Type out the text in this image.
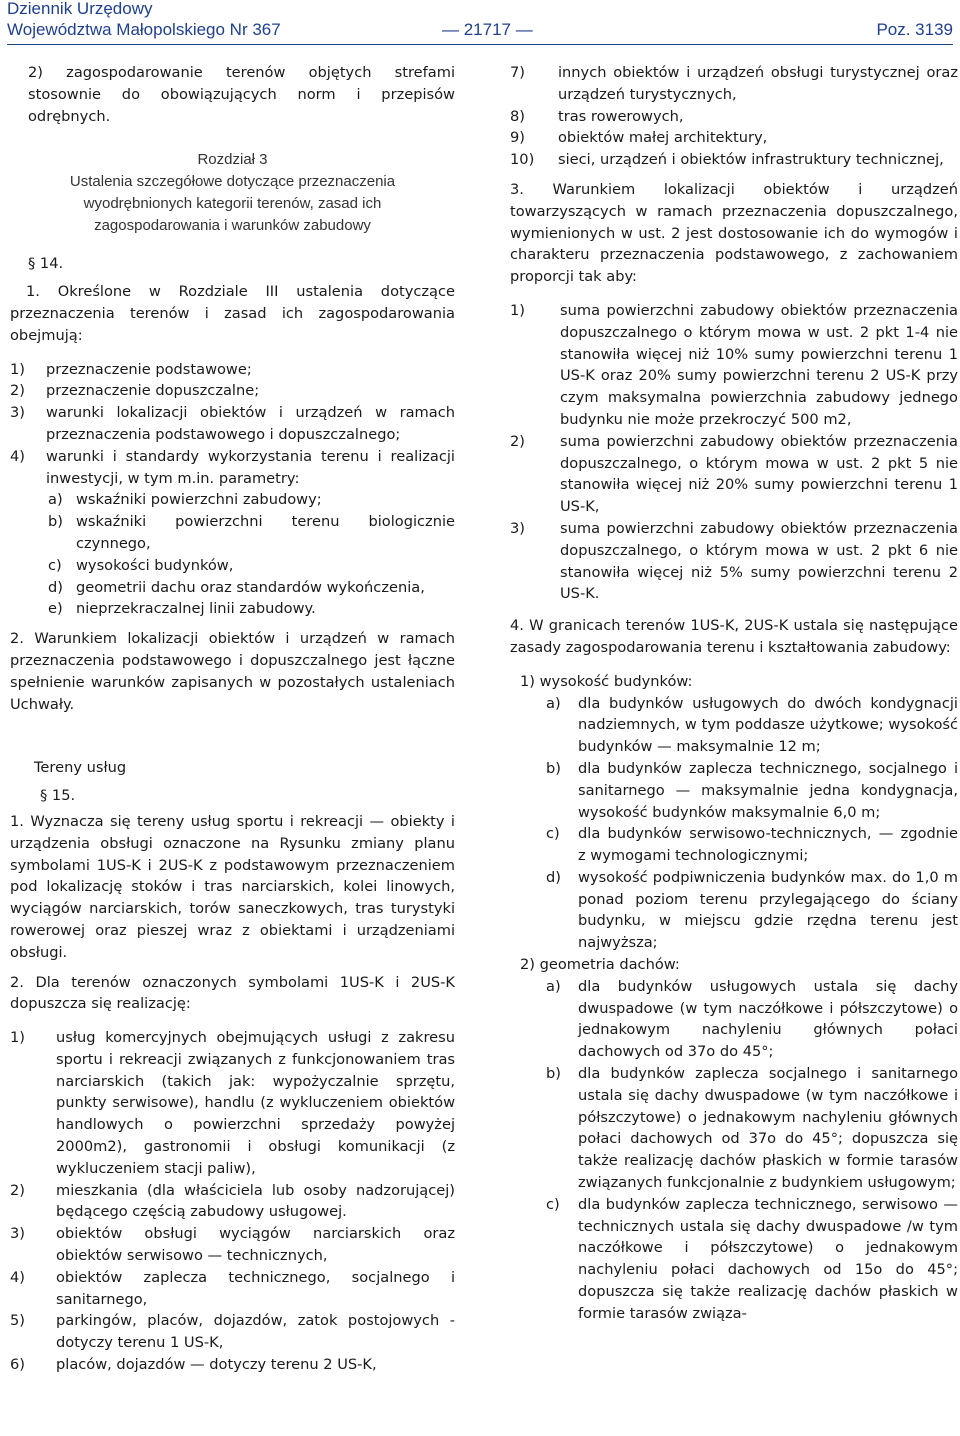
Dziennik Urzędowy
Województwa Małopolskiego Nr 367	— 21717 —	Poz. 3139
2) zagospodarowanie terenów objętych strefami stosownie do obowiązujących norm i przepisów odrębnych.
Rozdział 3
Ustalenia szczegółowe dotyczące przeznaczenia
wyodrębnionych kategorii terenów, zasad ich
zagospodarowania i warunków zabudowy

§ 14.

1. Określone w Rozdziale III ustalenia dotyczące przeznaczenia terenów i zasad ich zagospodarowania obejmują:

1)	przeznaczenie podstawowe;
2)	przeznaczenie dopuszczalne;
3)	warunki lokalizacji obiektów i urządzeń w ramach przeznaczenia podstawowego i dopuszczalnego;
4)	warunki i standardy wykorzystania terenu i realizacji inwestycji, w tym m.in. parametry:
a) wskaźniki powierzchni zabudowy;
b) wskaźniki powierzchni terenu biologicznie czynnego,
c) wysokości budynków,
d) geometrii dachu oraz standardów wykończenia,
e) nieprzekraczalnej linii zabudowy.

2. Warunkiem lokalizacji obiektów i urządzeń w ramach przeznaczenia podstawowego i dopuszczalnego jest łączne spełnienie warunków zapisanych w pozostałych ustaleniach Uchwały.

Tereny usług

§ 15.

1. Wyznacza się tereny usług sportu i rekreacji — obiekty i urządzenia obsługi oznaczone na Rysunku zmiany planu symbolami 1US-K i 2US-K z podstawowym przeznaczeniem pod lokalizację stoków i tras narciarskich, kolei linowych, wyciągów narciarskich, torów saneczkowych, tras turystyki rowerowej oraz pieszej wraz z obiektami i urządzeniami obsługi.

2. Dla terenów oznaczonych symbolami 1US-K i 2US-K dopuszcza się realizację:

1)	usług komercyjnych obejmujących usługi z zakresu sportu i rekreacji związanych z funkcjonowaniem tras narciarskich (takich jak: wypożyczalnie sprzętu, punkty serwisowe), handlu (z wykluczeniem obiektów handlowych o powierzchni sprzedaży powyżej 2000m2), gastronomii i obsługi komunikacji (z wykluczeniem stacji paliw),
2)	mieszkania (dla właściciela lub osoby nadzorującej) będącego częścią zabudowy usługowej.
3)	obiektów obsługi wyciągów narciarskich oraz obiektów serwisowo — technicznych,
4)	obiektów zaplecza technicznego, socjalnego i sanitarnego,
5)	parkingów, placów, dojazdów, zatok postojowych - dotyczy terenu 1 US-K,
6)	placów, dojazdów — dotyczy terenu 2 US-K,
7)	innych obiektów i urządzeń obsługi turystycznej oraz urządzeń turystycznych,
8)	tras rowerowych,
9)	obiektów małej architektury,
10)	sieci, urządzeń i obiektów infrastruktury technicznej,

3. Warunkiem lokalizacji obiektów i urządzeń towarzyszących w ramach przeznaczenia dopuszczalnego, wymienionych w ust. 2 jest dostosowanie ich do wymogów i charakteru przeznaczenia podstawowego, z zachowaniem proporcji tak aby:

1)	suma powierzchni zabudowy obiektów przeznaczenia dopuszczalnego o którym mowa w ust. 2 pkt 1-4 nie stanowiła więcej niż 10% sumy powierzchni terenu 1 US-K oraz 20% sumy powierzchni terenu 2 US-K przy czym maksymalna powierzchnia zabudowy jednego budynku nie może przekroczyć 500 m2,
2)	suma powierzchni zabudowy obiektów przeznaczenia dopuszczalnego, o którym mowa w ust. 2 pkt 5 nie stanowiła więcej niż 20% sumy powierzchni terenu 1 US-K,
3)	suma powierzchni zabudowy obiektów przeznaczenia dopuszczalnego, o którym mowa w ust. 2 pkt 6 nie stanowiła więcej niż 5% sumy powierzchni terenu 2 US-K.

4. W granicach terenów 1US-K, 2US-K ustala się następujące zasady zagospodarowania terenu i kształtowania zabudowy:

1) wysokość budynków:

a)	dla budynków usługowych do dwóch kondygnacji nadziemnych, w tym poddasze użytkowe; wysokość budynków — maksymalnie 12 m;
b)	dla budynków zaplecza technicznego, socjalnego i sanitarnego — maksymalnie jedna kondygnacja, wysokość budynków maksymalnie 6,0 m;
c)	dla budynków serwisowo-technicznych, — zgodnie z wymogami technologicznymi;
d)	wysokość podpiwniczenia budynków max. do 1,0 m ponad poziom terenu przylegającego do ściany budynku, w miejscu gdzie rzędna terenu jest najwyższa;

2) geometria dachów:

a)	dla budynków usługowych ustala się dachy dwuspadowe (w tym naczółkowe i półszczytowe) o jednakowym nachyleniu głównych połaci dachowych od 37o do 45°;
b)	dla budynków zaplecza socjalnego i sanitarnego ustala się dachy dwuspadowe (w tym naczółkowe i półszczytowe) o jednakowym nachyleniu głównych połaci dachowych od 37o do 45°; dopuszcza się także realizację dachów płaskich w formie tarasów związanych funkcjonalnie z budynkiem usługowym;
c)	dla budynków zaplecza technicznego, serwisowo — technicznych ustala się dachy dwuspadowe /w tym naczółkowe i półszczytowe) o jednakowym nachyleniu połaci dachowych od 15o do 45°; dopuszcza się także realizację dachów płaskich w formie tarasów związa-
